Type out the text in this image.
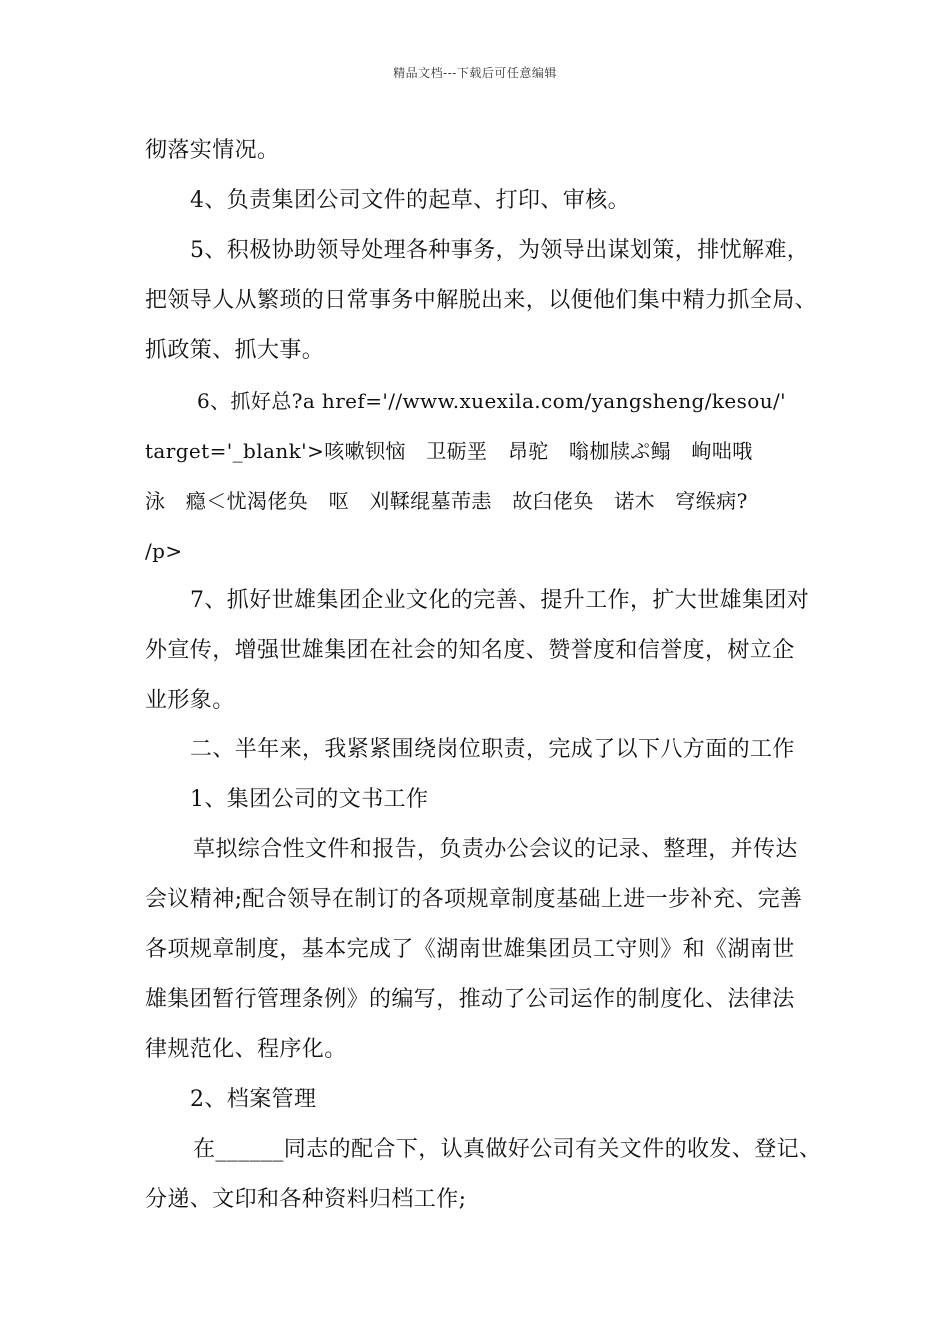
精品文档---下载后可任意编辑
彻落实情况。
4、负责集团公司文件的起草、打印、审核。
5、积极协助领导处理各种事务，为领导出谋划策，排忧解难，
把领导人从繁琐的日常事务中解脱出来，以便他们集中精力抓全局、
抓政策、抓大事。
6、抓好总?a href='//www.xuexila.com/yangsheng/kesou/'
target='_blank'>咳嗽钡恼　卫砺垩　昂驼　嗡枷牍ぷ鳎　峋咄哦
泳　瘾＜忧渴佬奂　呕　刈鞣绲墓芾恚　故臼佬奂　诺木　穹缑病?
/p>
7、抓好世雄集团企业文化的完善、提升工作，扩大世雄集团对
外宣传，增强世雄集团在社会的知名度、赞誉度和信誉度，树立企
业形象。
二、半年来，我紧紧围绕岗位职责，完成了以下八方面的工作
1、集团公司的文书工作
草拟综合性文件和报告，负责办公会议的记录、整理，并传达
会议精神;配合领导在制订的各项规章制度基础上进一步补充、完善
各项规章制度，基本完成了《湖南世雄集团员工守则》和《湖南世
雄集团暂行管理条例》的编写，推动了公司运作的制度化、法律法
律规范化、程序化。
2、档案管理
在______同志的配合下，认真做好公司有关文件的收发、登记、
分递、文印和各种资料归档工作;
